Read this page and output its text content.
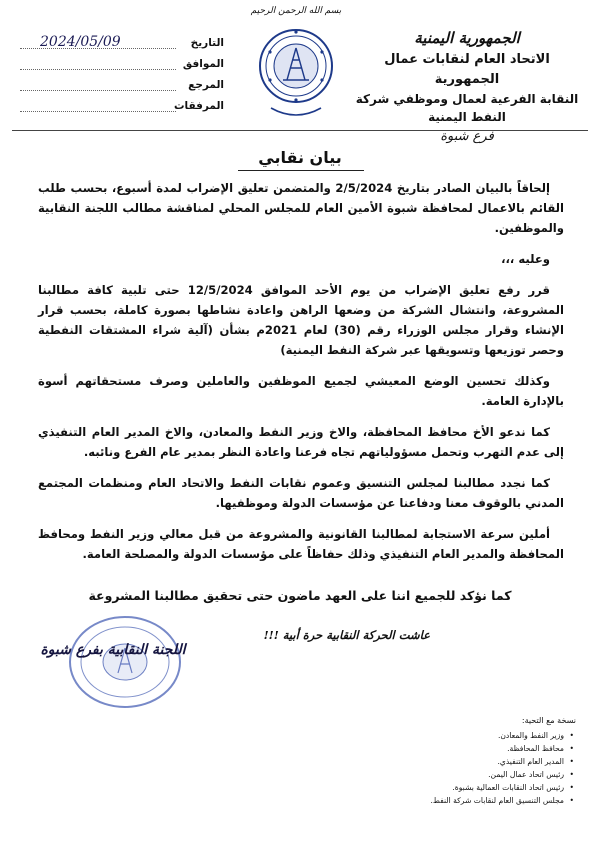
بسم الله الرحمن الرحيم
الجمهورية اليمنية
الاتحاد العام لنقابات عمال الجمهورية
النقابة الفرعية لعمال وموظفي شركة النفط اليمنية
فرع شبوة
التاريخ
2024/05/09
الموافق
المرجع
المرفقات
بيان نقابي

إلحاقاً بالبيان الصادر بتاريخ 2/5/2024 والمتضمن تعليق الإضراب لمدة أسبوع، بحسب طلب القائم بالاعمال لمحافظة شبوة الأمين العام للمجلس المحلي لمناقشة مطالب اللجنة النقابية والموظفين.

وعليه ،،،

قرر رفع تعليق الإضراب من يوم الأحد الموافق 12/5/2024 حتى تلبية كافة مطالبنا المشروعة، وانتشال الشركة من وضعها الراهن واعادة نشاطها بصورة كاملة، بحسب قرار الإنشاء وقرار مجلس الوزراء رقم (30) لعام 2021م بشأن (آلية شراء المشتقات النفطية وحصر توزيعها وتسويقها عبر شركة النفط اليمنية)

وكذلك تحسين الوضع المعيشي لجميع الموظفين والعاملين وصرف مستحقاتهم أسوة بالإدارة العامة.

كما ندعو الأخ محافظ المحافظة، والاخ وزير النفط والمعادن، والاخ المدير العام التنفيذي إلى عدم التهرب وتحمل مسؤولياتهم تجاه فرعنا واعادة النظر بمدير عام الفرع ونائبه.

كما نجدد مطالبنا لمجلس التنسيق وعموم نقابات النفط والاتحاد العام ومنظمات المجتمع المدني بالوقوف معنا ودفاعنا عن مؤسسات الدولة وموظفيها.

أملين سرعة الاستجابة لمطالبنا القانونية والمشروعة من قبل معالي وزير النفط ومحافظ المحافظة والمدير العام التنفيذي وذلك حفاظاً على مؤسسات الدولة والمصلحة العامة.

كما نؤكد للجميع اننا على العهد ماضون حتى تحقيق مطالبنا المشروعة
اللجنة النقابية بفرع شبوة
عاشت الحركة النقابية حرة أبية !!!
نسخة مع التحية:
• وزير النفط والمعادن.
• محافظ المحافظة.
• المدير العام التنفيذي.
• رئيس اتحاد عمال اليمن.
• رئيس اتحاد النقابات العمالية بشبوة.
• مجلس التنسيق العام لنقابات شركة النفط.
